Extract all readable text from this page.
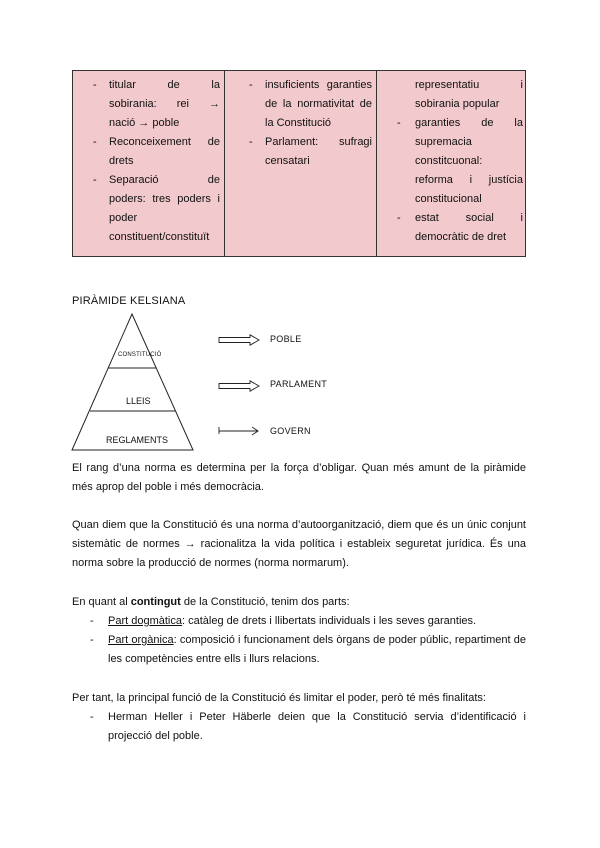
- titular de la
sobirania: rei →
nació → poble
- Reconceixement de
drets
- Separació de
poders: tres poders i
poder
constituent/constituït
- insuficients garanties
de la normativitat de
la Constitució
- Parlament: sufragi
censatari
representatiu i
sobirania popular
- garanties de la
supremacia
constitcuonal:
reforma i justícia
constitucional
- estat social i
democràtic de dret
PIRÀMIDE KELSIANA
CONSTITUCIÓ
LLEIS
REGLAMENTS
POBLE
PARLAMENT
GOVERN

El rang d’una norma es determina per la força d’obligar. Quan més amunt de la piràmide més aprop del poble i més democràcia.

Quan diem que la Constitució és una norma d’autoorganització, diem que és un únic conjunt sistemàtic de normes → racionalitza la vida política i estableix seguretat jurídica. És una norma sobre la producció de normes (norma normarum).

En quant al contingut de la Constitució, tenim dos parts:

- Part dogmàtica: catàleg de drets i llibertats individuals i les seves garanties.
- Part orgànica: composició i funcionament dels òrgans de poder públic, repartiment de les competències entre ells i llurs relacions.

Per tant, la principal funció de la Constitució és limitar el poder, però té més finalitats:

- Herman Heller i Peter Häberle deien que la Constitució servia d’identificació i projecció del poble.
